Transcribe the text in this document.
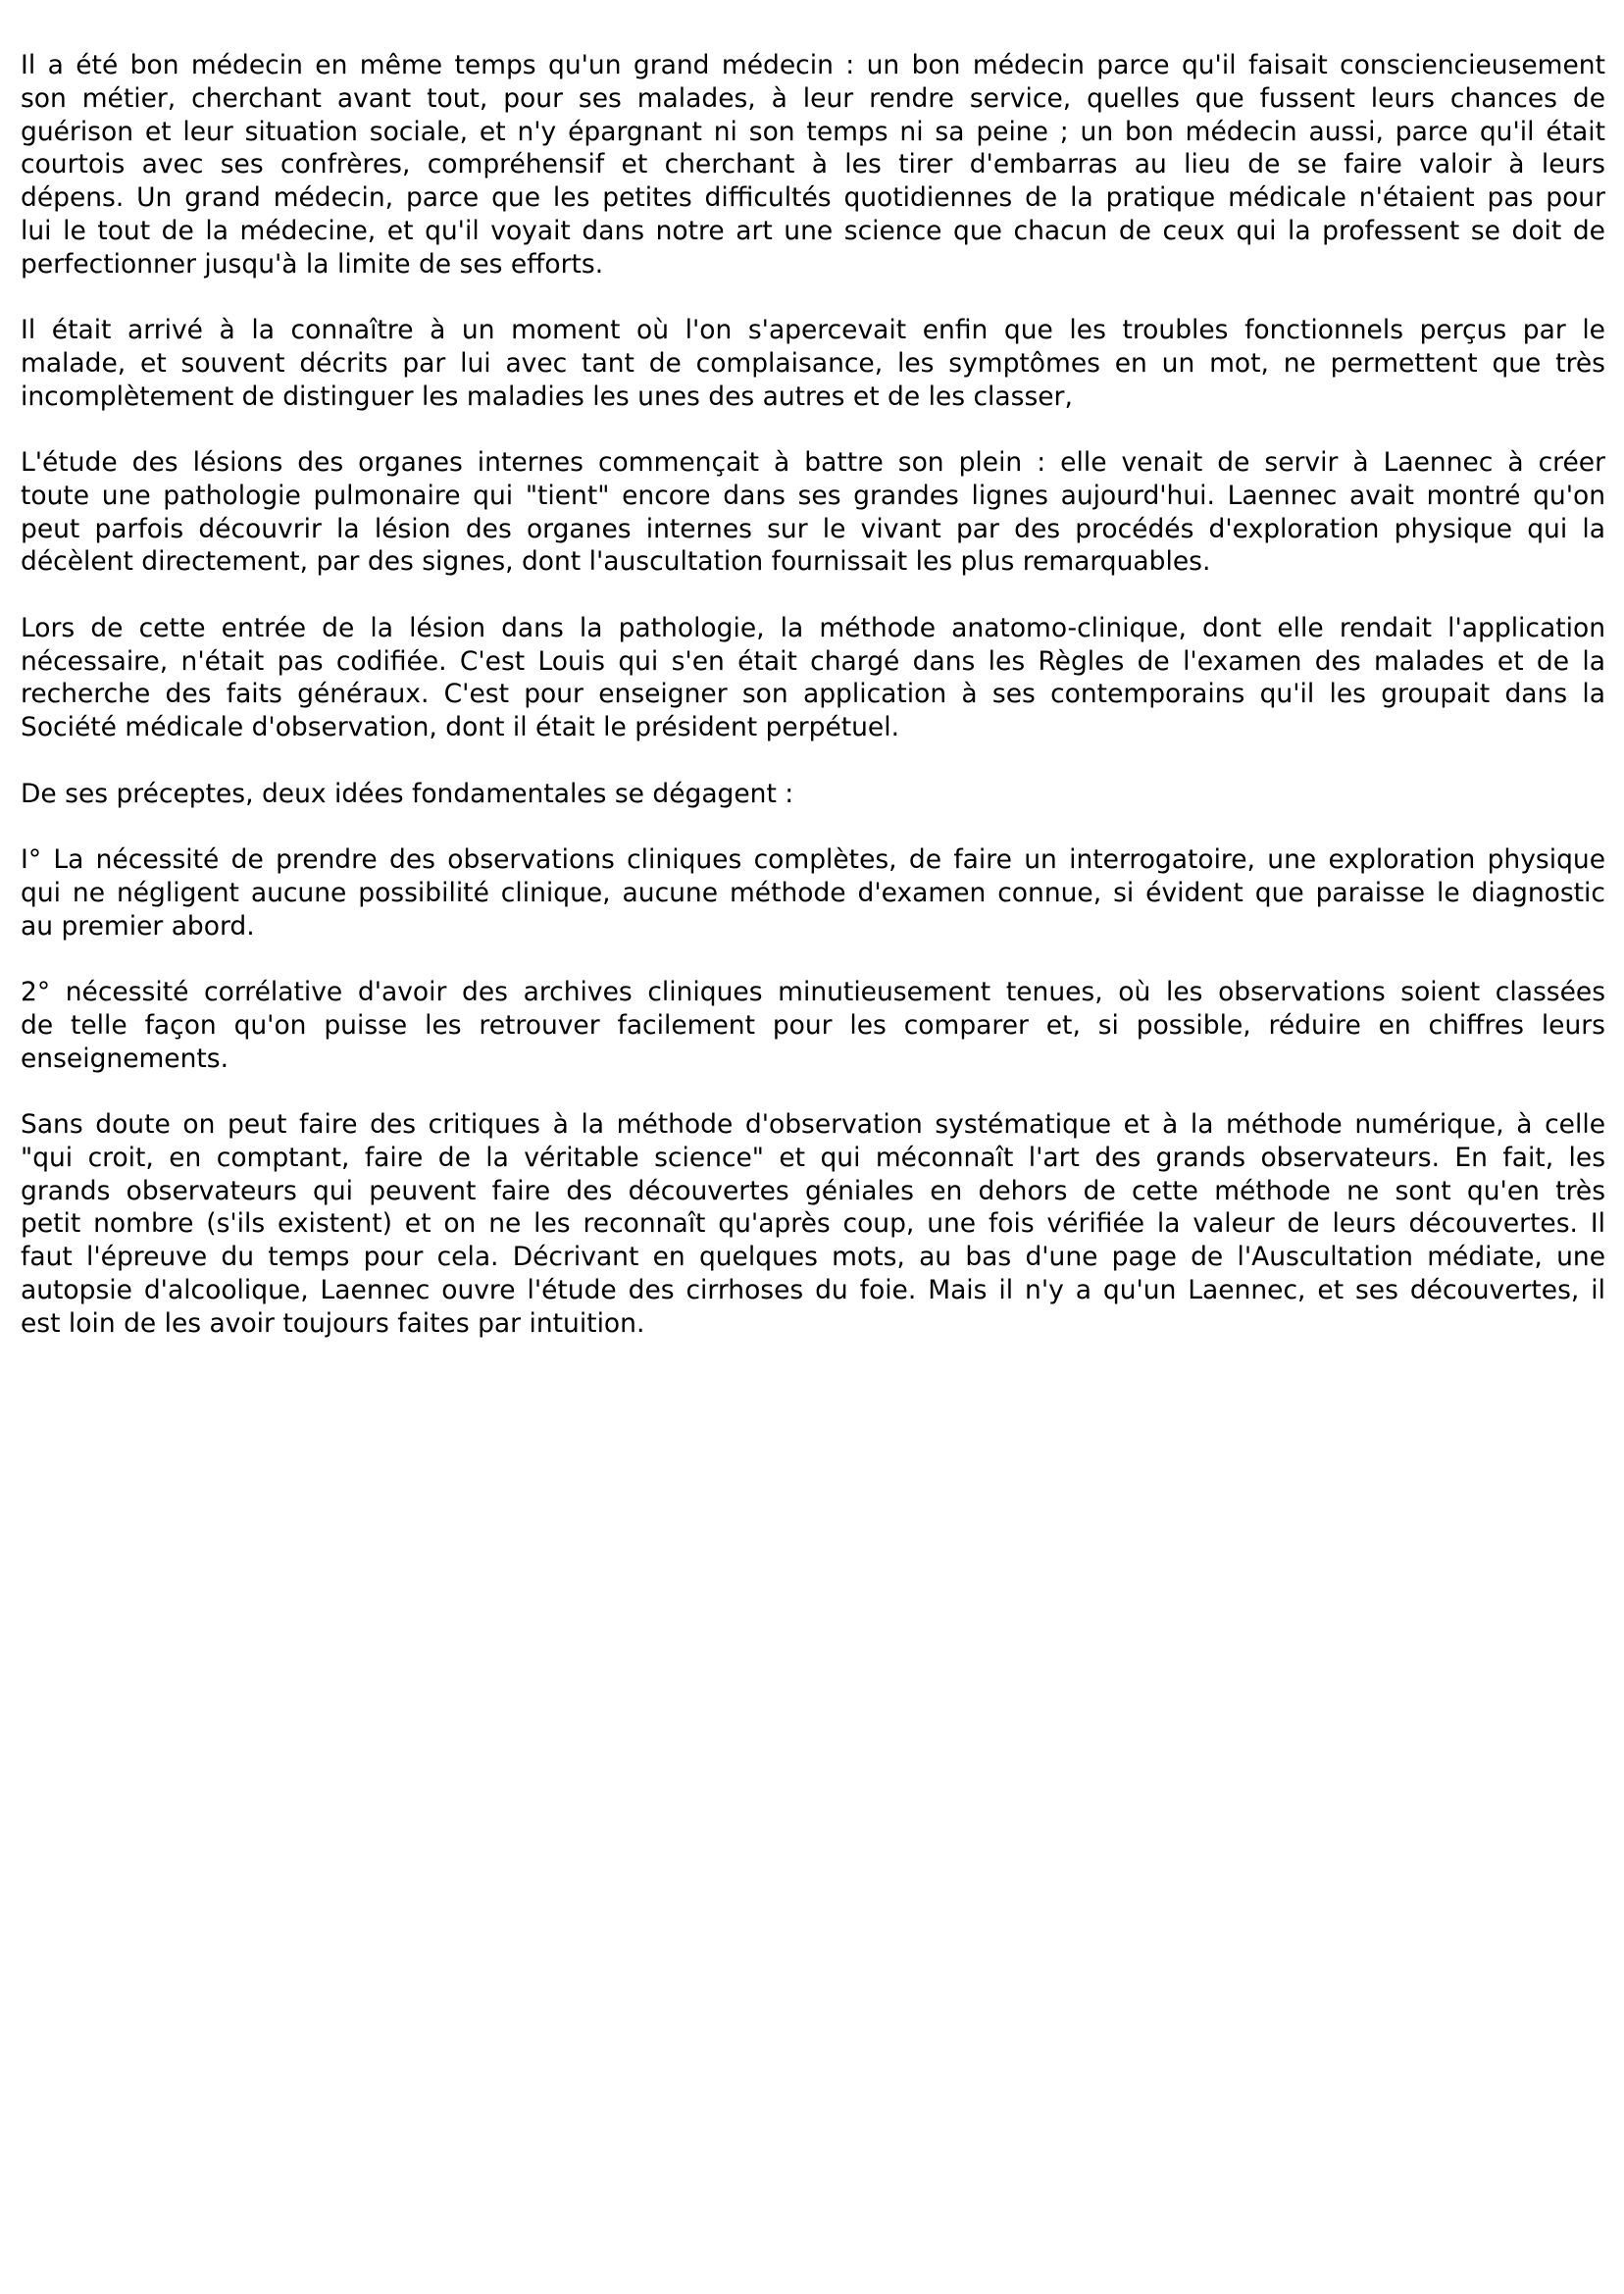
Il a été bon médecin en même temps qu'un grand médecin : un bon médecin parce qu'il faisait consciencieusement
son métier, cherchant avant tout, pour ses malades, à leur rendre service, quelles que fussent leurs chances de
guérison et leur situation sociale, et n'y épargnant ni son temps ni sa peine ; un bon médecin aussi, parce qu'il était
courtois avec ses confrères, compréhensif et cherchant à les tirer d'embarras au lieu de se faire valoir à leurs
dépens. Un grand médecin, parce que les petites difficultés quotidiennes de la pratique médicale n'étaient pas pour
lui le tout de la médecine, et qu'il voyait dans notre art une science que chacun de ceux qui la professent se doit de
perfectionner jusqu'à la limite de ses efforts.
Il était arrivé à la connaître à un moment où l'on s'apercevait enfin que les troubles fonctionnels perçus par le
malade, et souvent décrits par lui avec tant de complaisance, les symptômes en un mot, ne permettent que très
incomplètement de distinguer les maladies les unes des autres et de les classer,
L'étude des lésions des organes internes commençait à battre son plein : elle venait de servir à Laennec à créer
toute une pathologie pulmonaire qui "tient" encore dans ses grandes lignes aujourd'hui. Laennec avait montré qu'on
peut parfois découvrir la lésion des organes internes sur le vivant par des procédés d'exploration physique qui la
décèlent directement, par des signes, dont l'auscultation fournissait les plus remarquables.
Lors de cette entrée de la lésion dans la pathologie, la méthode anatomo-clinique, dont elle rendait l'application
nécessaire, n'était pas codifiée. C'est Louis qui s'en était chargé dans les Règles de l'examen des malades et de la
recherche des faits généraux. C'est pour enseigner son application à ses contemporains qu'il les groupait dans la
Société médicale d'observation, dont il était le président perpétuel.
De ses préceptes, deux idées fondamentales se dégagent :
I° La nécessité de prendre des observations cliniques complètes, de faire un interrogatoire, une exploration physique
qui ne négligent aucune possibilité clinique, aucune méthode d'examen connue, si évident que paraisse le diagnostic
au premier abord.
2° nécessité corrélative d'avoir des archives cliniques minutieusement tenues, où les observations soient classées
de telle façon qu'on puisse les retrouver facilement pour les comparer et, si possible, réduire en chiffres leurs
enseignements.
Sans doute on peut faire des critiques à la méthode d'observation systématique et à la méthode numérique, à celle
"qui croit, en comptant, faire de la véritable science" et qui méconnaît l'art des grands observateurs. En fait, les
grands observateurs qui peuvent faire des découvertes géniales en dehors de cette méthode ne sont qu'en très
petit nombre (s'ils existent) et on ne les reconnaît qu'après coup, une fois vérifiée la valeur de leurs découvertes. Il
faut l'épreuve du temps pour cela. Décrivant en quelques mots, au bas d'une page de l'Auscultation médiate, une
autopsie d'alcoolique, Laennec ouvre l'étude des cirrhoses du foie. Mais il n'y a qu'un Laennec, et ses découvertes, il
est loin de les avoir toujours faites par intuition.
